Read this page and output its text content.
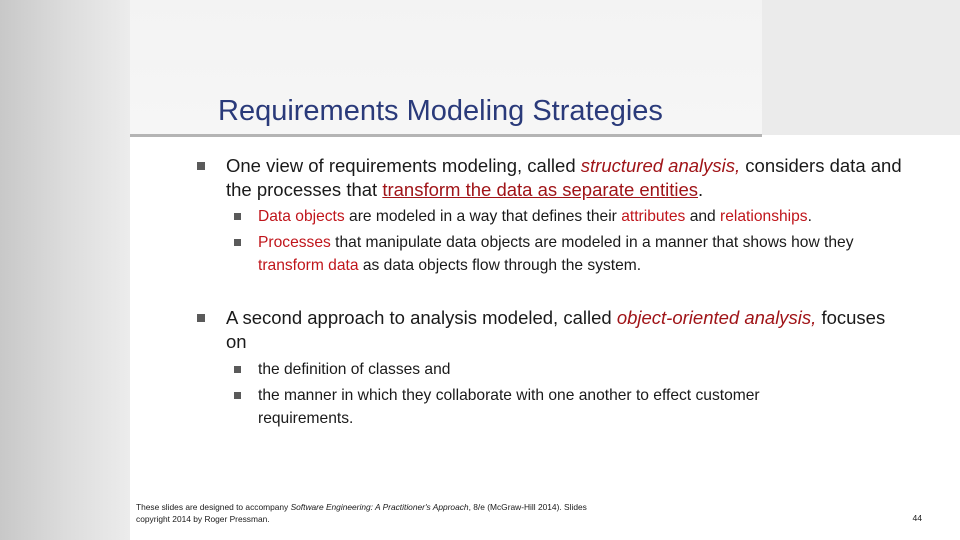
Requirements Modeling Strategies
One view of requirements modeling, called structured analysis, considers data and the processes that transform the data as separate entities.
Data objects are modeled in a way that defines their attributes and relationships.
Processes that manipulate data objects are modeled in a manner that shows how they transform data as data objects flow through the system.
A second approach to analysis modeled, called object-oriented analysis, focuses on
the definition of classes and
the manner in which they collaborate with one another to effect customer requirements.
These slides are designed to accompany Software Engineering: A Practitioner's Approach, 8/e (McGraw-Hill 2014). Slides
copyright 2014 by Roger Pressman.	44
